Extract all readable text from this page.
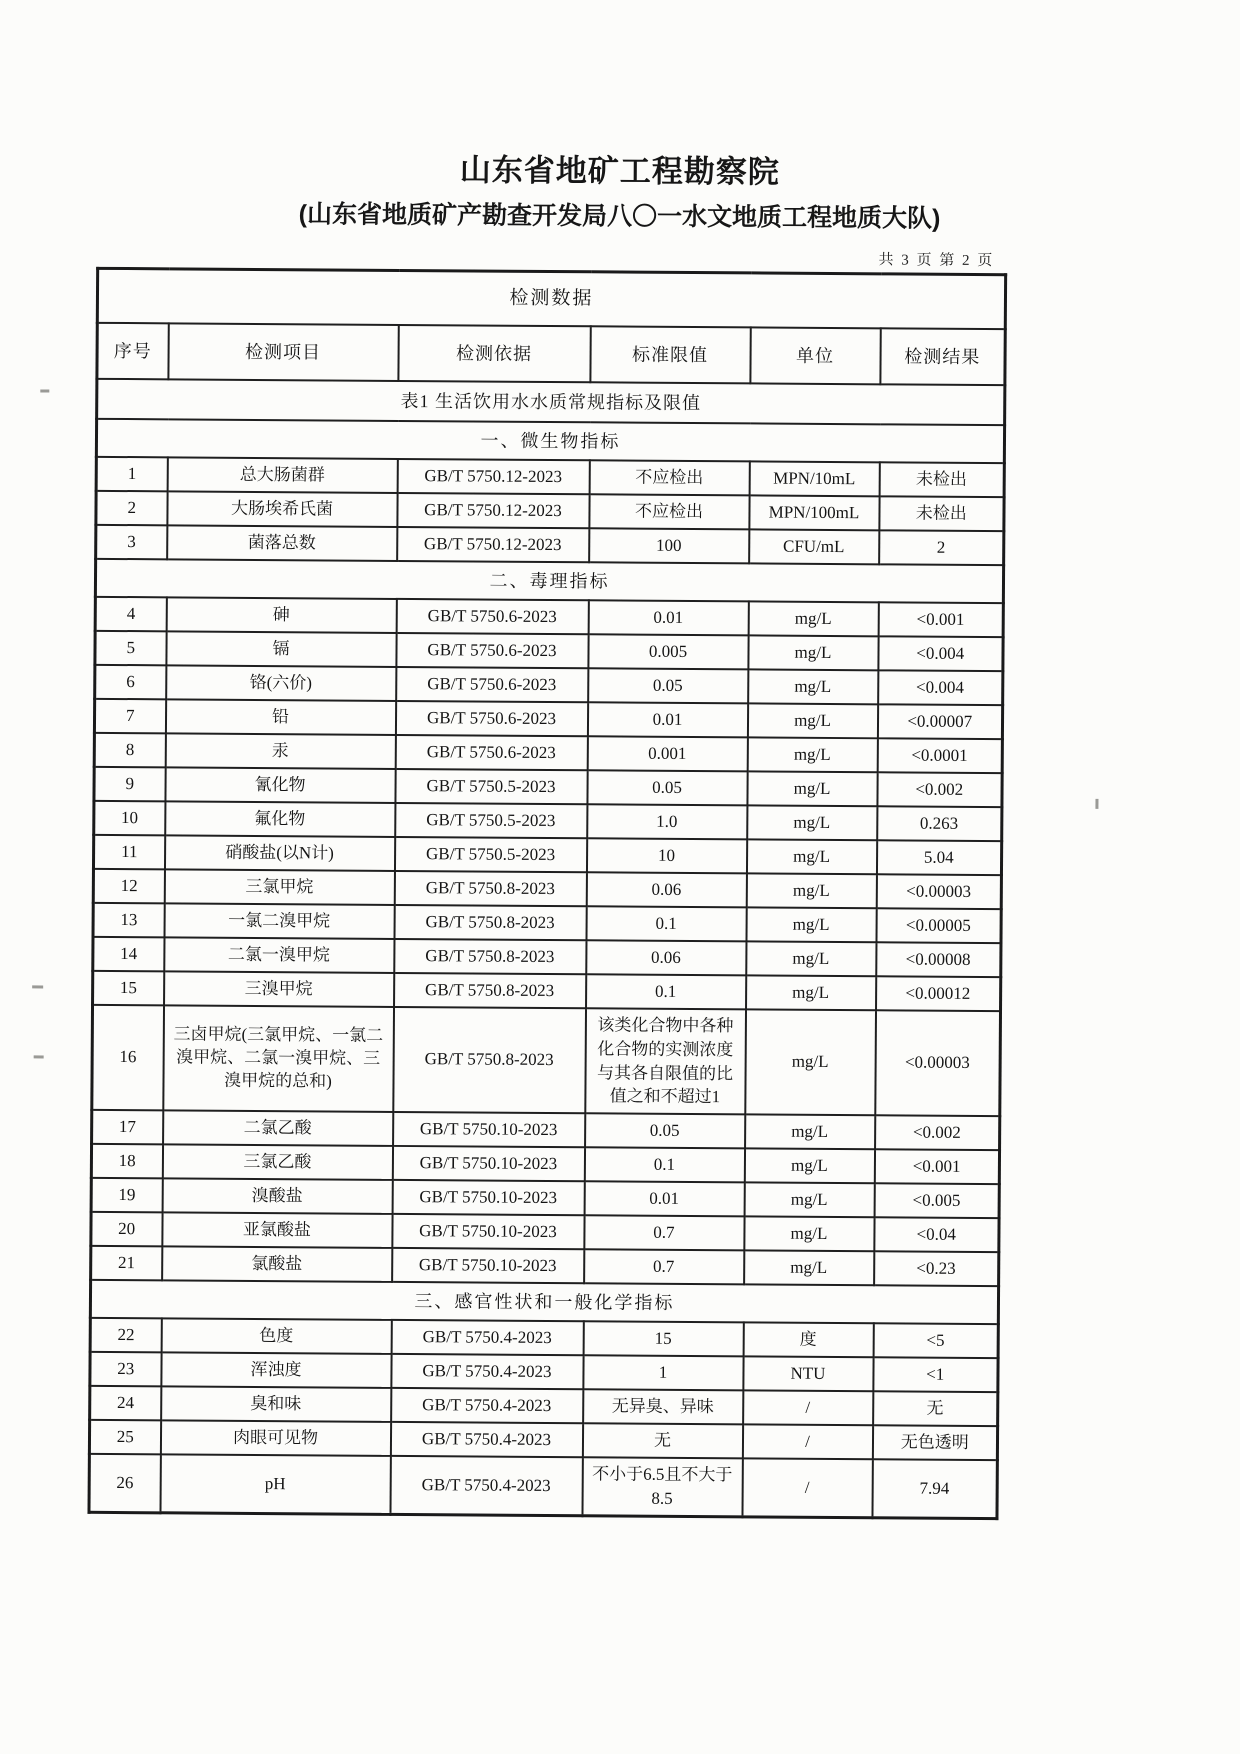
山东省地矿工程勘察院
(山东省地质矿产勘查开发局八〇一水文地质工程地质大队)
共 3 页 第 2 页
检测数据					
序号	检测项目	检测依据	标准限值	单位	检测结果
表1 生活饮用水水质常规指标及限值					
一、微生物指标					
1	总大肠菌群	GB/T 5750.12-2023	不应检出	MPN/10mL	未检出
2	大肠埃希氏菌	GB/T 5750.12-2023	不应检出	MPN/100mL	未检出
3	菌落总数	GB/T 5750.12-2023	100	CFU/mL	2
二、毒理指标					
4	砷	GB/T 5750.6-2023	0.01	mg/L	<0.001
5	镉	GB/T 5750.6-2023	0.005	mg/L	<0.004
6	铬(六价)	GB/T 5750.6-2023	0.05	mg/L	<0.004
7	铅	GB/T 5750.6-2023	0.01	mg/L	<0.00007
8	汞	GB/T 5750.6-2023	0.001	mg/L	<0.0001
9	氰化物	GB/T 5750.5-2023	0.05	mg/L	<0.002
10	氟化物	GB/T 5750.5-2023	1.0	mg/L	0.263
11	硝酸盐(以N计)	GB/T 5750.5-2023	10	mg/L	5.04
12	三氯甲烷	GB/T 5750.8-2023	0.06	mg/L	<0.00003
13	一氯二溴甲烷	GB/T 5750.8-2023	0.1	mg/L	<0.00005
14	二氯一溴甲烷	GB/T 5750.8-2023	0.06	mg/L	<0.00008
15	三溴甲烷	GB/T 5750.8-2023	0.1	mg/L	<0.00012
16	三卤甲烷(三氯甲烷、一氯二溴甲烷、二氯一溴甲烷、三溴甲烷的总和)	GB/T 5750.8-2023	该类化合物中各种化合物的实测浓度与其各自限值的比值之和不超过1	mg/L	<0.00003
17	二氯乙酸	GB/T 5750.10-2023	0.05	mg/L	<0.002
18	三氯乙酸	GB/T 5750.10-2023	0.1	mg/L	<0.001
19	溴酸盐	GB/T 5750.10-2023	0.01	mg/L	<0.005
20	亚氯酸盐	GB/T 5750.10-2023	0.7	mg/L	<0.04
21	氯酸盐	GB/T 5750.10-2023	0.7	mg/L	<0.23
三、感官性状和一般化学指标					
22	色度	GB/T 5750.4-2023	15	度	<5
23	浑浊度	GB/T 5750.4-2023	1	NTU	<1
24	臭和味	GB/T 5750.4-2023	无异臭、异味	/	无
25	肉眼可见物	GB/T 5750.4-2023	无	/	无色透明
26	pH	GB/T 5750.4-2023	不小于6.5且不大于8.5	/	7.94
